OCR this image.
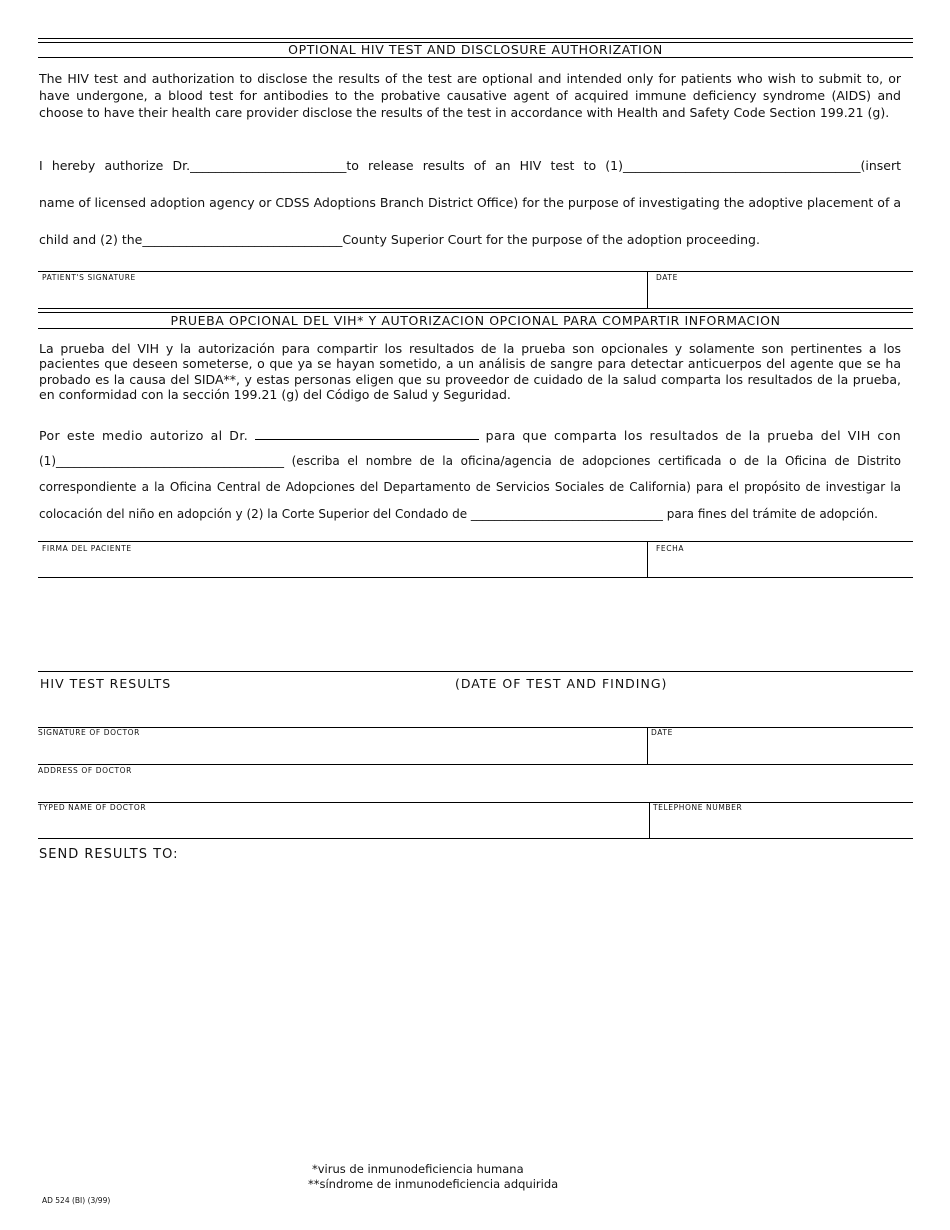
OPTIONAL HIV TEST AND DISCLOSURE AUTHORIZATION
The HIV test and authorization to disclose the results of the test are optional and intended only for patients who wish to submit to, or have undergone, a blood test for antibodies to the probative causative agent of acquired immune deficiency syndrome (AIDS) and choose to have their health care provider disclose the results of the test in accordance with Health and Safety Code Section 199.21 (g).
I hereby authorize Dr._________________________to release results of an HIV test to (1)______________________________________(insert
name of licensed adoption agency or CDSS Adoptions Branch District Office) for the purpose of investigating the adoptive placement of a
child and (2) the________________________________County Superior Court for the purpose of the adoption proceeding.
PATIENT'S SIGNATURE	DATE
PRUEBA OPCIONAL DEL VIH* Y AUTORIZACION OPCIONAL PARA COMPARTIR INFORMACION
La prueba del VIH y la autorización para compartir los resultados de la prueba son opcionales y solamente son pertinentes a los pacientes que deseen someterse, o que ya se hayan sometido, a un análisis de sangre para detectar anticuerpos del agente que se ha probado es la causa del SIDA**, y estas personas eligen que su proveedor de cuidado de la salud comparta los resultados de la prueba, en conformidad con la sección 199.21 (g) del Código de Salud y Seguridad.
Por este medio autorizo al Dr.	para que comparta los resultados de la prueba del VIH con
(1)______________________________________ (escriba el nombre de la oficina/agencia de adopciones certificada o de la Oficina de Distrito
correspondiente a la Oficina Central de Adopciones del Departamento de Servicios Sociales de California) para el propósito de investigar la
colocación del niño en adopción y (2) la Corte Superior del Condado de ________________________________ para fines del trámite de adopción.
FIRMA DEL PACIENTE	FECHA
HIV TEST RESULTS	(DATE OF TEST AND FINDING)
SIGNATURE OF DOCTOR	DATE
ADDRESS OF DOCTOR
TYPED NAME OF DOCTOR	TELEPHONE NUMBER
SEND RESULTS TO:
*virus de inmunodeficiencia humana
**síndrome de inmunodeficiencia adquirida
AD 524 (BI) (3/99)
